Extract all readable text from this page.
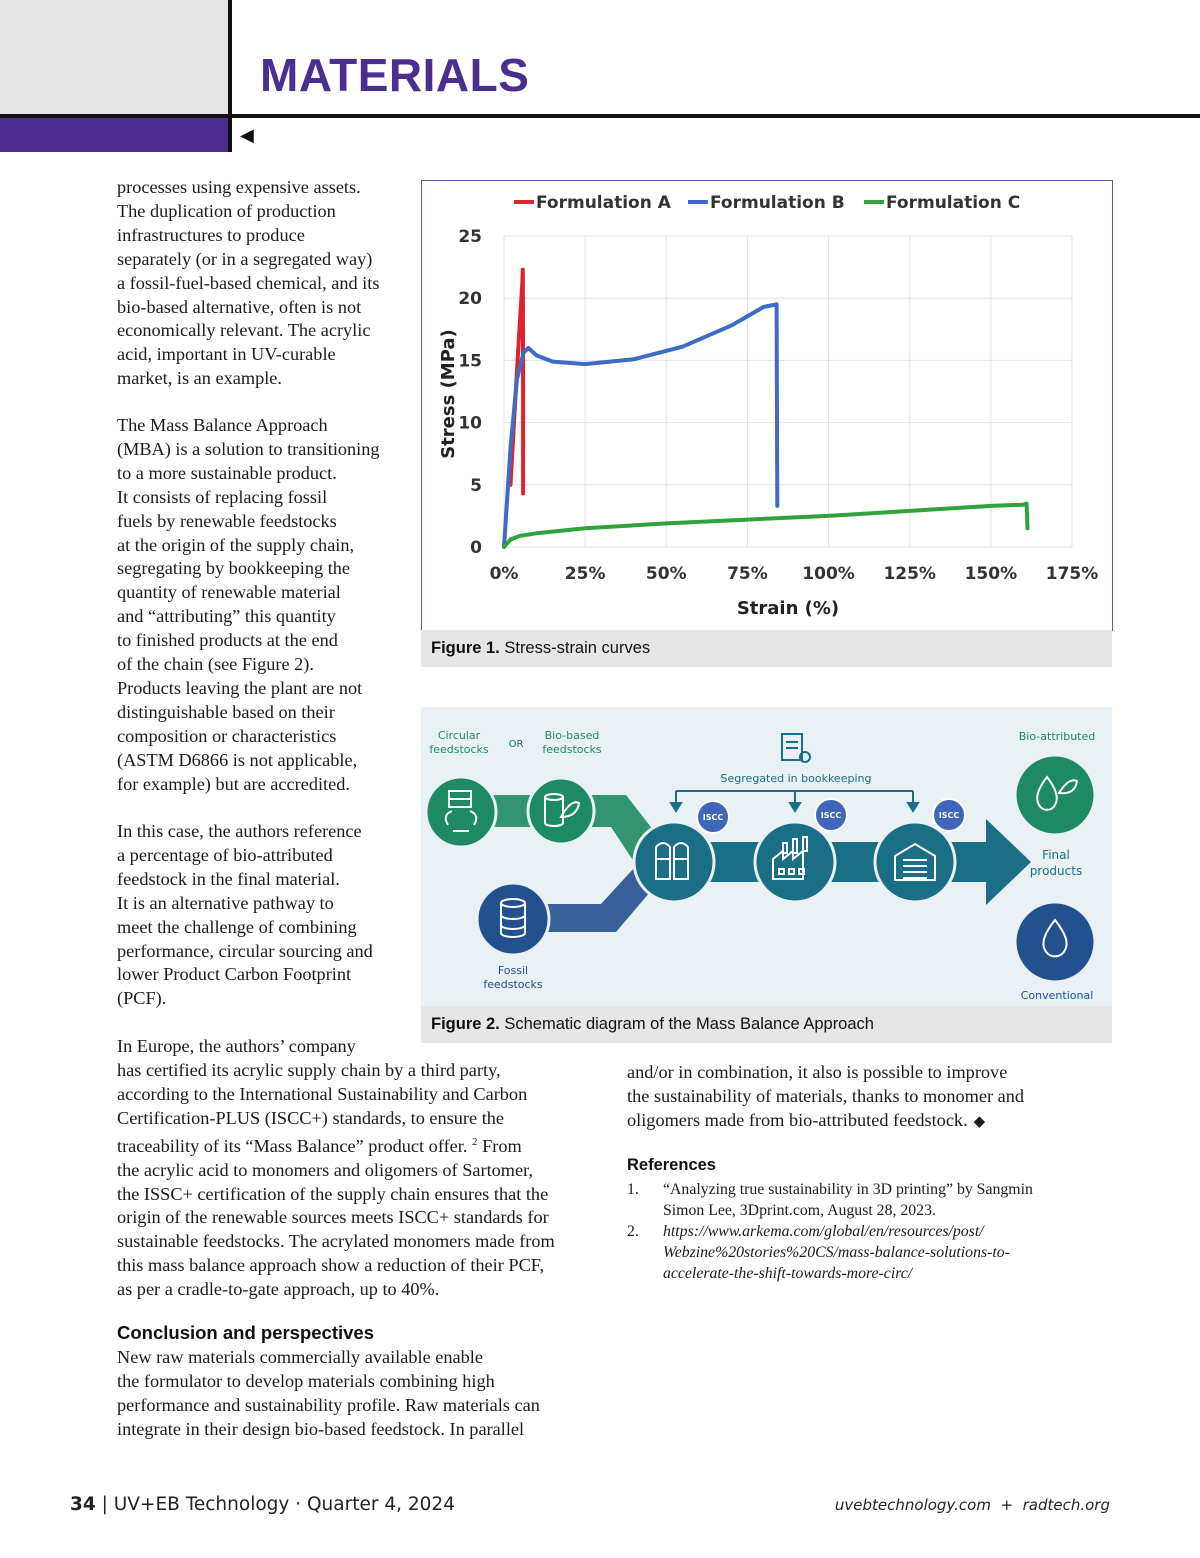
MATERIALS
◀

processes using expensive assets.
The duplication of production
infrastructures to produce
separately (or in a segregated way)
a fossil-fuel-based chemical, and its
bio-based alternative, often is not
economically relevant. The acrylic
acid, important in UV-curable
market, is an example.

The Mass Balance Approach
(MBA) is a solution to transitioning
to a more sustainable product.
It consists of replacing fossil
fuels by renewable feedstocks
at the origin of the supply chain,
segregating by bookkeeping the
quantity of renewable material
and “attributing” this quantity
to finished products at the end
of the chain (see Figure 2).
Products leaving the plant are not
distinguishable based on their
composition or characteristics
(ASTM D6866 is not applicable,
for example) but are accredited.

In this case, the authors reference
a percentage of bio-attributed
feedstock in the final material.
It is an alternative pathway to
meet the challenge of combining
performance, circular sourcing and
lower Product Carbon Footprint
(PCF).

In Europe, the authors’ company
has certified its acrylic supply chain by a third party,
according to the International Sustainability and Carbon
Certification-PLUS (ISCC+) standards, to ensure the
traceability of its “Mass Balance” product offer. $^2$ From
the acrylic acid to monomers and oligomers of Sartomer,
the ISSC+ certification of the supply chain ensures that the
origin of the renewable sources meets ISCC+ standards for
sustainable feedstocks. The acrylated monomers made from
this mass balance approach show a reduction of their PCF,
as per a cradle-to-gate approach, up to 40%.

Conclusion and perspectives

New raw materials commercially available enable
the formulator to develop materials combining high
performance and sustainability profile. Raw materials can
integrate in their design bio-based feedstock. In parallel

and/or in combination, it also is possible to improve
the sustainability of materials, thanks to monomer and
oligomers made from bio-attributed feedstock. ◆

References
1. “Analyzing true sustainability in 3D printing” by Sangmin
Simon Lee, 3Dprint.com, August 28, 2023.
2. https://www.arkema.com/global/en/resources/post/
Webzine%20stories%20CS/mass-balance-solutions-to-
accelerate-the-shift-towards-more-circ/
0%	25% 50% 75% 100% 125% 150% 175%
0
5
10
15
20
25
Formulation A Formulation B Formulation C
Strain (%)
Stress (MPa)
Figure 1. Stress-strain curves
ISCC	ISCC	ISCC
Circular feedstocks OR
Bio-based feedstocks
Segregated in bookkeeping
Bio-attributed
Final products
Fossil feedstocks
Conventional
Figure 2. Schematic diagram of the Mass Balance Approach
34 | UV+EB Technology · Quarter 4, 2024	uvebtechnology.com  +  radtech.org
